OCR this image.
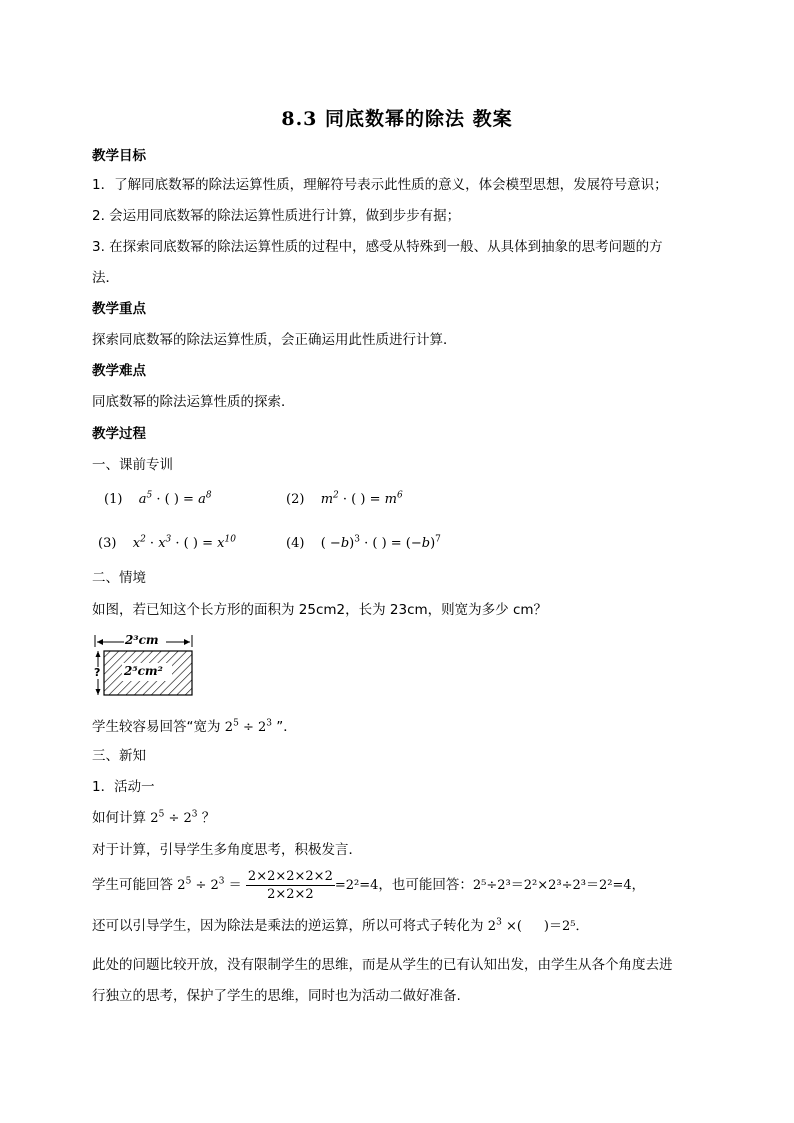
8.3 同底数幂的除法 教案
教学目标
1．了解同底数幂的除法运算性质，理解符号表示此性质的意义，体会模型思想，发展符号意识；
2. 会运用同底数幂的除法运算性质进行计算，做到步步有据；
3. 在探索同底数幂的除法运算性质的过程中，感受从特殊到一般、从具体到抽象的思考问题的方
法．
教学重点
探索同底数幂的除法运算性质，会正确运用此性质进行计算．
教学难点
同底数幂的除法运算性质的探索．
教学过程
一、课前专训
(1) $a^5$ · ( ) = $a^8$	(2) $m^2$ · ( ) = $m^6$
(3) $x^2 \cdot x^3$ · ( ) = $x^{10}$	(4) ( −b)$^3$ · ( ) = $(-b)^7$
二、情境
如图，若已知这个长方形的面积为 25cm2，长为 23cm，则宽为多少 cm？
2³cm
2⁵cm²
?
学生较容易回答“宽为 $2^5 \div 2^3$ ”．
三、新知
1．活动一
如何计算 $2^5 \div 2^3$ ？
对于计算，引导学生多角度思考，积极发言．
学生可能回答 $2^5 \div 2^3 = \frac{2\times 2\times 2\times 2\times 2}{2\times 2\times 2} =2^2=4$，也可能回答：2⁵÷2³＝2²×2³÷2³＝2²=4，
还可以引导学生，因为除法是乘法的逆运算，所以可将式子转化为 $2^3$ ×( )＝2⁵．
此处的问题比较开放，没有限制学生的思维，而是从学生的已有认知出发，由学生从各个角度去进
行独立的思考，保护了学生的思维，同时也为活动二做好准备.
